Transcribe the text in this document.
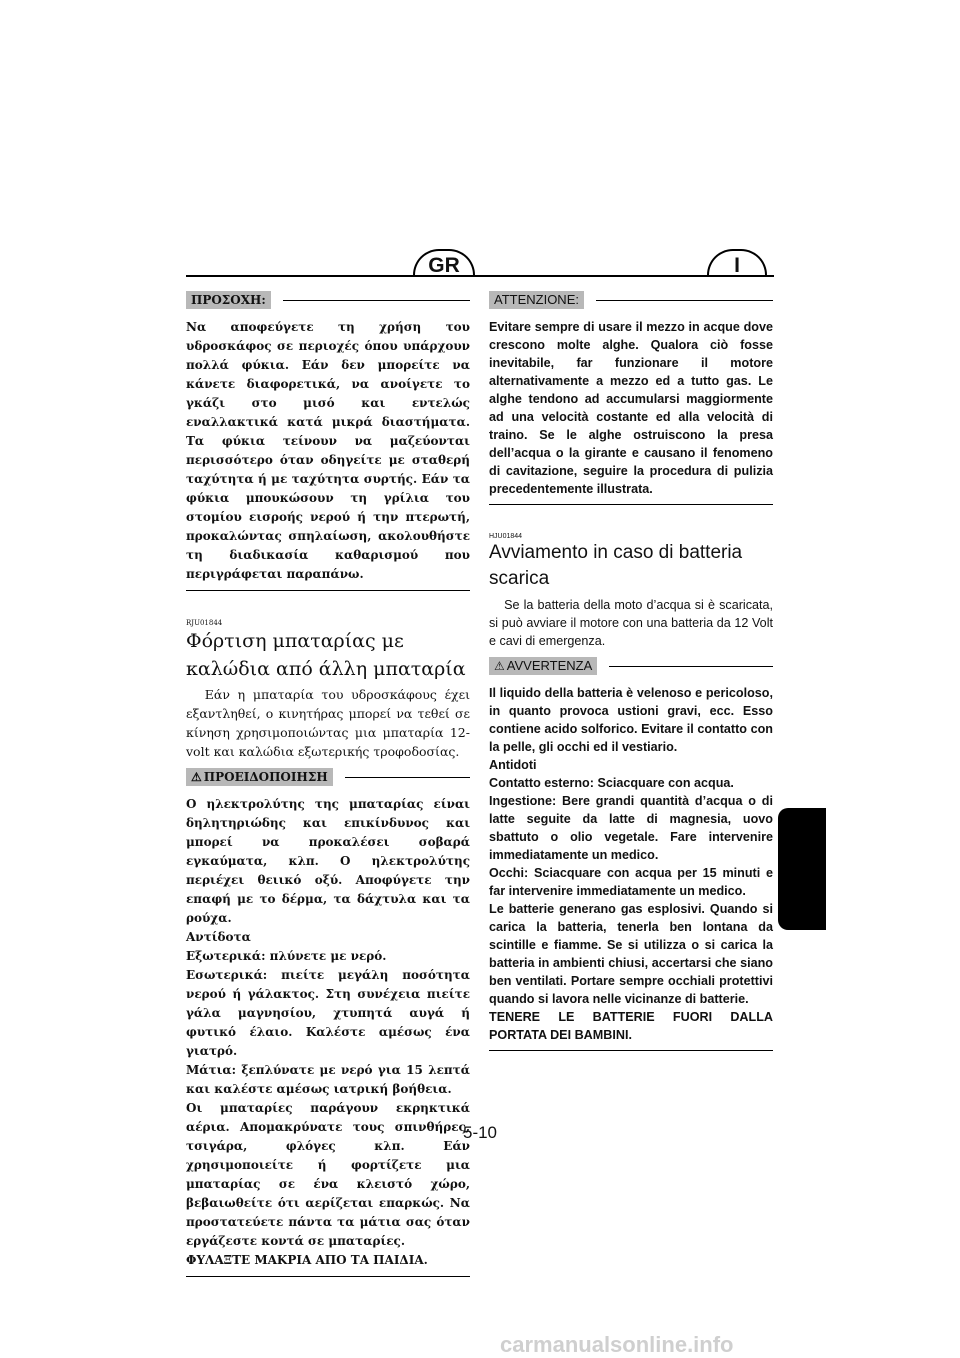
GR	I
ΠΡΟΣΟΧΗ:

Να αποφεύγετε τη χρήση του υδροσκάφος σε περιοχές όπου υπάρχουν πολλά φύκια. Εάν δεν μπορείτε να κάνετε διαφορετικά, να ανοίγετε το γκάζι στο μισό και εντελώς εναλλακτικά κατά μικρά διαστήματα. Τα φύκια τείνουν να μαζεύονται περισσότερο όταν οδηγείτε με σταθερή ταχύτητα ή με ταχύτητα συρτής. Εάν τα φύκια μπουκώσουν τη γρίλια του στομίου εισροής νερού ή την πτερωτή, προκαλώντας σπηλαίωση, ακολουθήστε τη διαδικασία καθαρισμού που περιγράφεται παραπάνω.

RJU01844

Φόρτιση μπαταρίας με καλώδια από άλλη μπαταρία

Εάν η μπαταρία του υδροσκάφους έχει εξαντληθεί, ο κινητήρας μπορεί να τεθεί σε κίνηση χρησιμοποιώντας μια μπαταρία 12-volt και καλώδια εξωτερικής τροφοδοσίας.

⚠ ΠΡΟΕΙΔΟΠΟΙΗΣΗ

Ο ηλεκτρολύτης της μπαταρίας είναι δηλητηριώδης και επικίνδυνος και μπορεί να προκαλέσει σοβαρά εγκαύματα, κλπ. Ο ηλεκτρολύτης περιέχει θειικό οξύ. Αποφύγετε την επαφή με το δέρμα, τα δάχτυλα και τα ρούχα.

Αντίδοτα

Εξωτερικά: πλύνετε με νερό.

Εσωτερικά: πιείτε μεγάλη ποσότητα νερού ή γάλακτος. Στη συνέχεια πιείτε γάλα μαγνησίου, χτυπητά αυγά ή φυτικό έλαιο. Καλέστε αμέσως ένα γιατρό.

Μάτια: ξεπλύνατε με νερό για 15 λεπτά και καλέστε αμέσως ιατρική βοήθεια.

Οι μπαταρίες παράγουν εκρηκτικά αέρια. Απομακρύνατε τους σπινθήρες, τσιγάρα, φλόγες κλπ. Εάν χρησιμοποιείτε ή φορτίζετε μια μπαταρίας σε ένα κλειστό χώρο, βεβαιωθείτε ότι αερίζεται επαρκώς. Να προστατεύετε πάντα τα μάτια σας όταν εργάζεστε κοντά σε μπαταρίες.

ΦΥΛΑΞΤΕ ΜΑΚΡΙΑ ΑΠΟ ΤΑ ΠΑΙΔΙΑ.

ATTENZIONE:

Evitare sempre di usare il mezzo in acque dove crescono molte alghe. Qualora ciò fosse inevitabile, far funzionare il motore alternativamente a mezzo ed a tutto gas. Le alghe tendono ad accumularsi maggiormente ad una velocità costante ed alla velocità di traino. Se le alghe ostruiscono la presa dell’acqua o la girante e causano il fenomeno di cavitazione, seguire la procedura di pulizia precedentemente illustrata.

HJU01844

Avviamento in caso di batteria scarica

Se la batteria della moto d’acqua si è scaricata, si può avviare il motore con una batteria da 12 Volt e cavi di emergenza.

⚠ AVVERTENZA

Il liquido della batteria è velenoso e pericoloso, in quanto provoca ustioni gravi, ecc. Esso contiene acido solforico. Evitare il contatto con la pelle, gli occhi ed il vestiario.

Antidoti

Contatto esterno: Sciacquare con acqua.

Ingestione: Bere grandi quantità d’acqua o di latte seguite da latte di magnesia, uovo sbattuto o olio vegetale. Fare intervenire immediatamente un medico.

Occhi: Sciacquare con acqua per 15 minuti e far intervenire immediatamente un medico.

Le batterie generano gas esplosivi. Quando si carica la batteria, tenerla ben lontana da scintille e fiamme. Se si utilizza o si carica la batteria in ambienti chiusi, accertarsi che siano ben ventilati. Portare sempre occhiali protettivi quando si lavora nelle vicinanze di batterie.

TENERE LE BATTERIE FUORI DALLA PORTATA DEI BAMBINI.

5-10
carmanualsonline.info
